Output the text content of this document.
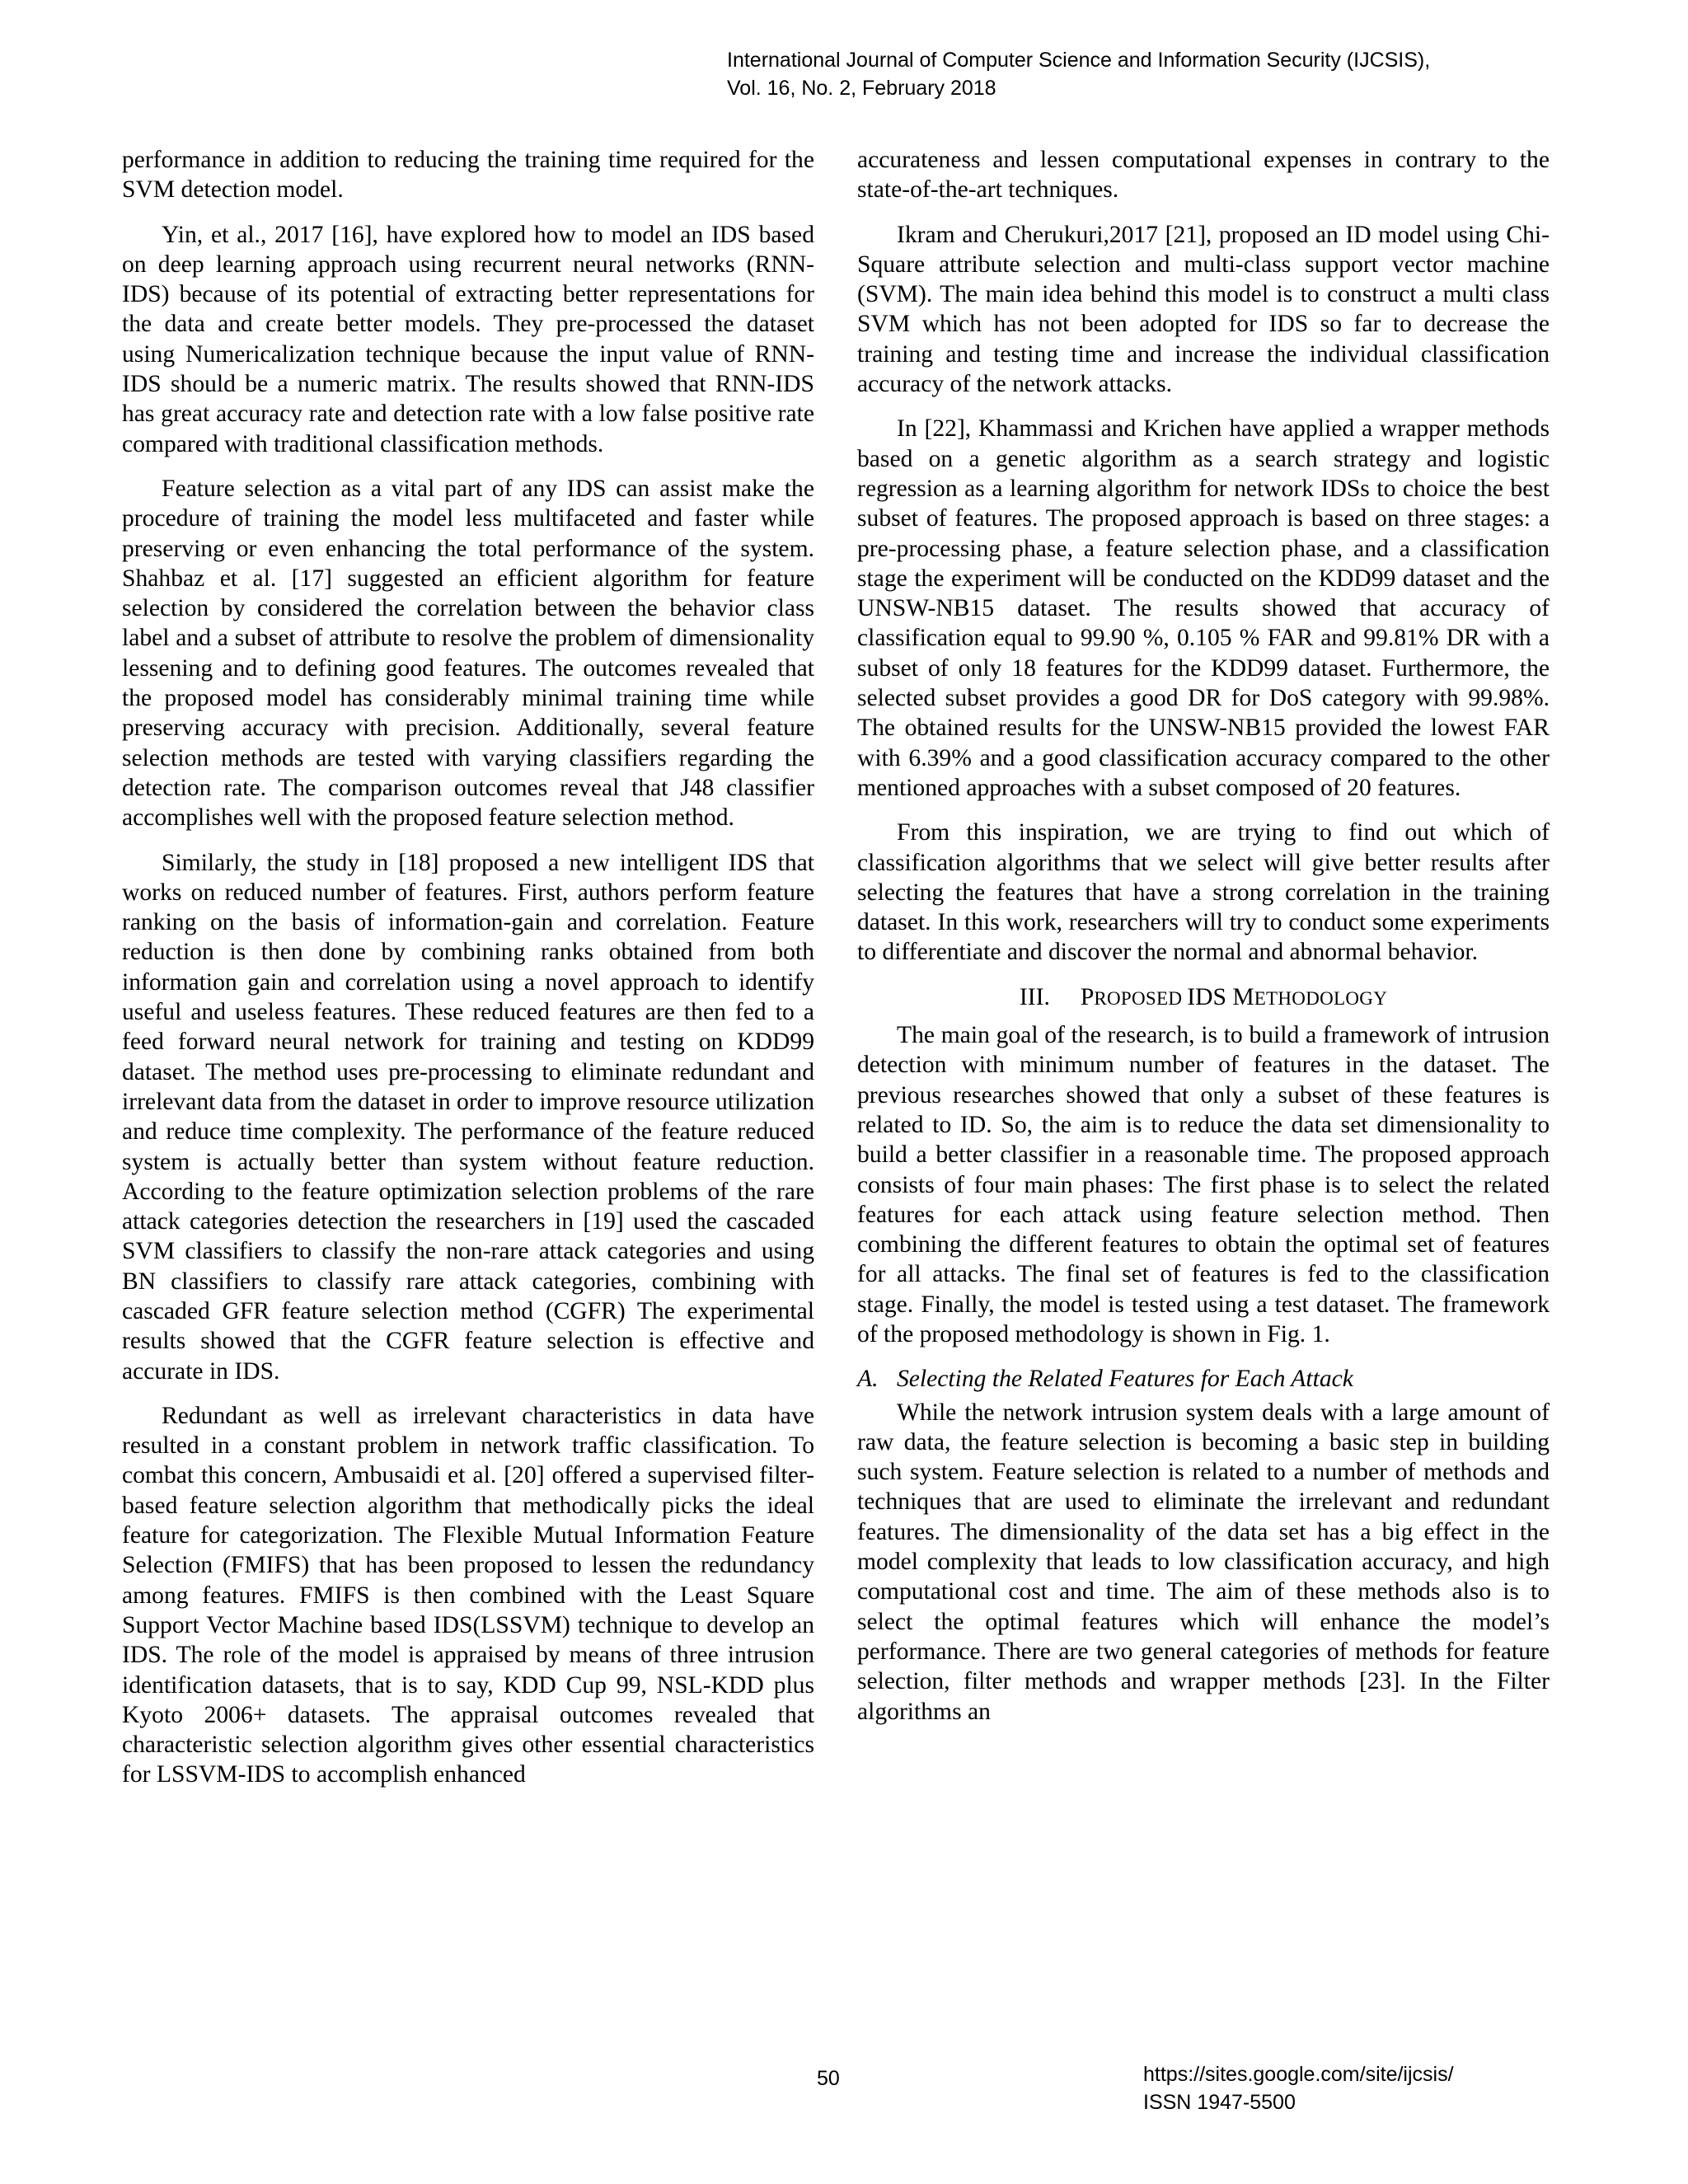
International Journal of Computer Science and Information Security (IJCSIS),
Vol. 16, No. 2, February 2018

performance in addition to reducing the training time required for the SVM detection model.

Yin, et al., 2017 [16], have explored how to model an IDS based on deep learning approach using recurrent neural networks (RNN-IDS) because of its potential of extracting better representations for the data and create better models. They pre-processed the dataset using Numericalization technique because the input value of RNN-IDS should be a numeric matrix. The results showed that RNN-IDS has great accuracy rate and detection rate with a low false positive rate compared with traditional classification methods.

Feature selection as a vital part of any IDS can assist make the procedure of training the model less multifaceted and faster while preserving or even enhancing the total performance of the system. Shahbaz et al. [17] suggested an efficient algorithm for feature selection by considered the correlation between the behavior class label and a subset of attribute to resolve the problem of dimensionality lessening and to defining good features. The outcomes revealed that the proposed model has considerably minimal training time while preserving accuracy with precision. Additionally, several feature selection methods are tested with varying classifiers regarding the detection rate. The comparison outcomes reveal that J48 classifier accomplishes well with the proposed feature selection method.

Similarly, the study in [18] proposed a new intelligent IDS that works on reduced number of features. First, authors perform feature ranking on the basis of information-gain and correlation. Feature reduction is then done by combining ranks obtained from both information gain and correlation using a novel approach to identify useful and useless features. These reduced features are then fed to a feed forward neural network for training and testing on KDD99 dataset. The method uses pre-processing to eliminate redundant and irrelevant data from the dataset in order to improve resource utilization and reduce time complexity. The performance of the feature reduced system is actually better than system without feature reduction. According to the feature optimization selection problems of the rare attack categories detection the researchers in [19] used the cascaded SVM classifiers to classify the non-rare attack categories and using BN classifiers to classify rare attack categories, combining with cascaded GFR feature selection method (CGFR) The experimental results showed that the CGFR feature selection is effective and accurate in IDS.

Redundant as well as irrelevant characteristics in data have resulted in a constant problem in network traffic classification. To combat this concern, Ambusaidi et al. [20] offered a supervised filter-based feature selection algorithm that methodically picks the ideal feature for categorization. The Flexible Mutual Information Feature Selection (FMIFS) that has been proposed to lessen the redundancy among features. FMIFS is then combined with the Least Square Support Vector Machine based IDS(LSSVM) technique to develop an IDS. The role of the model is appraised by means of three intrusion identification datasets, that is to say, KDD Cup 99, NSL-KDD plus Kyoto 2006+ datasets. The appraisal outcomes revealed that characteristic selection algorithm gives other essential characteristics for LSSVM-IDS to accomplish enhanced

accurateness and lessen computational expenses in contrary to the state-of-the-art techniques.

Ikram and Cherukuri,2017 [21], proposed an ID model using Chi-Square attribute selection and multi-class support vector machine (SVM). The main idea behind this model is to construct a multi class SVM which has not been adopted for IDS so far to decrease the training and testing time and increase the individual classification accuracy of the network attacks.

In [22], Khammassi and Krichen have applied a wrapper methods based on a genetic algorithm as a search strategy and logistic regression as a learning algorithm for network IDSs to choice the best subset of features. The proposed approach is based on three stages: a pre-processing phase, a feature selection phase, and a classification stage the experiment will be conducted on the KDD99 dataset and the UNSW-NB15 dataset. The results showed that accuracy of classification equal to 99.90 %, 0.105 % FAR and 99.81% DR with a subset of only 18 features for the KDD99 dataset. Furthermore, the selected subset provides a good DR for DoS category with 99.98%. The obtained results for the UNSW-NB15 provided the lowest FAR with 6.39% and a good classification accuracy compared to the other mentioned approaches with a subset composed of 20 features.

From this inspiration, we are trying to find out which of classification algorithms that we select will give better results after selecting the features that have a strong correlation in the training dataset. In this work, researchers will try to conduct some experiments to differentiate and discover the normal and abnormal behavior.

III. PROPOSED IDS METHODOLOGY

The main goal of the research, is to build a framework of intrusion detection with minimum number of features in the dataset. The previous researches showed that only a subset of these features is related to ID. So, the aim is to reduce the data set dimensionality to build a better classifier in a reasonable time. The proposed approach consists of four main phases: The first phase is to select the related features for each attack using feature selection method. Then combining the different features to obtain the optimal set of features for all attacks. The final set of features is fed to the classification stage. Finally, the model is tested using a test dataset. The framework of the proposed methodology is shown in Fig. 1.

A. Selecting the Related Features for Each Attack

While the network intrusion system deals with a large amount of raw data, the feature selection is becoming a basic step in building such system. Feature selection is related to a number of methods and techniques that are used to eliminate the irrelevant and redundant features. The dimensionality of the data set has a big effect in the model complexity that leads to low classification accuracy, and high computational cost and time. The aim of these methods also is to select the optimal features which will enhance the model’s performance. There are two general categories of methods for feature selection, filter methods and wrapper methods [23]. In the Filter algorithms an

50	https://sites.google.com/site/ijcsis/
ISSN 1947-5500
